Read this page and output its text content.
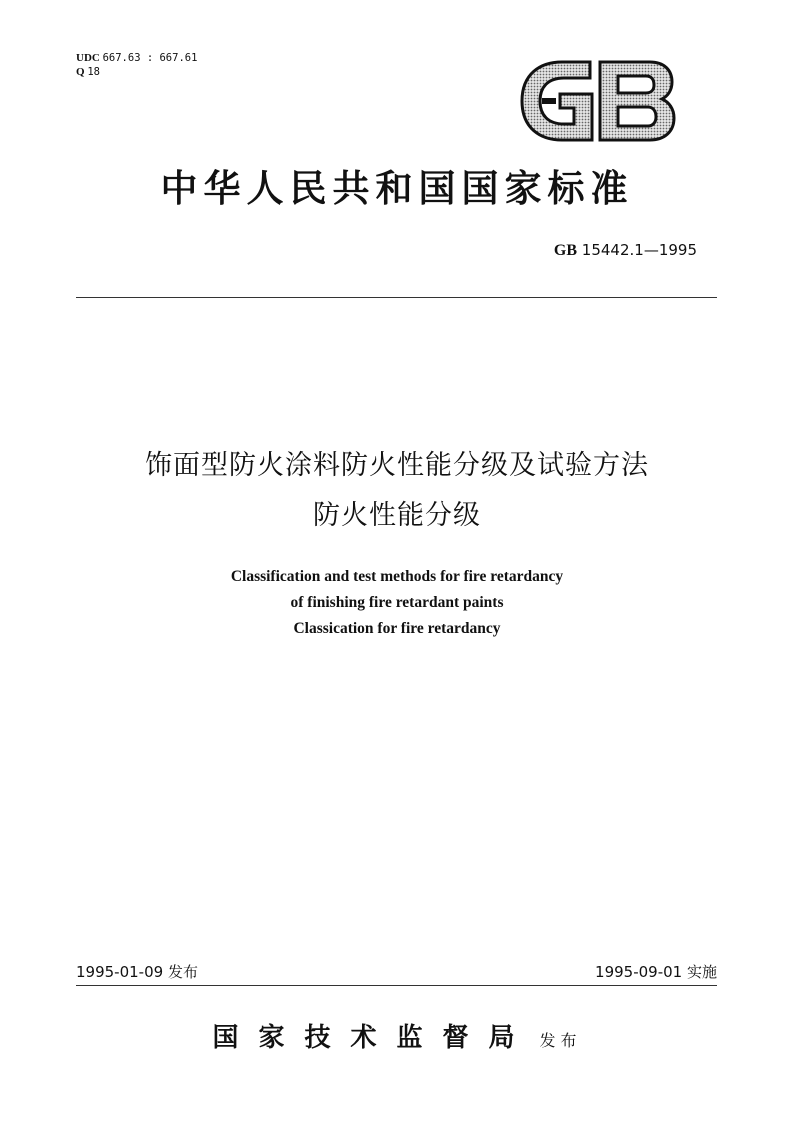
UDC 667.63 : 667.61
Q 18
中华人民共和国国家标准
GB 15442.1—1995
饰面型防火涂料防火性能分级及试验方法
防火性能分级
Classification and test methods for fire retardancy
of finishing fire retardant paints
Classication for fire retardancy
1995-01-09 发布	1995-09-01 实施
国家技术监督局 发布
